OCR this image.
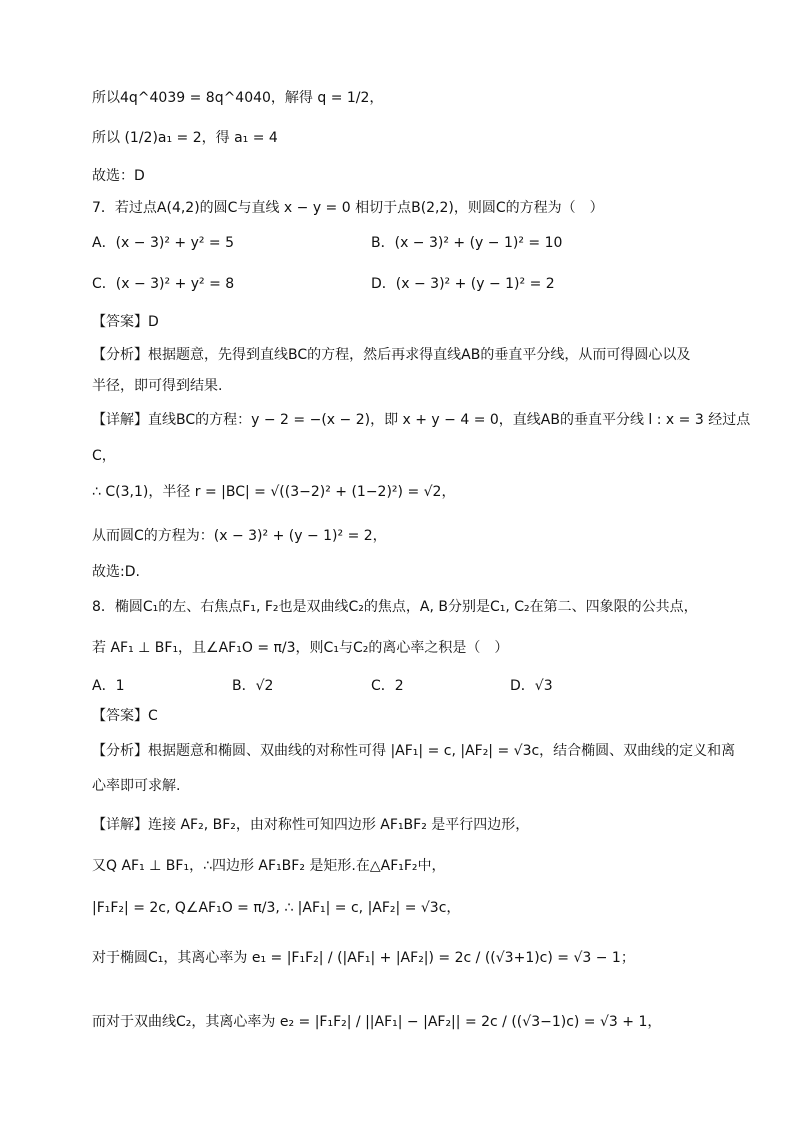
所以4q^4039 = 8q^4040，解得 q = 1/2，
所以 (1/2)a₁ = 2，得 a₁ = 4
故选：D
7．若过点A(4,2)的圆C与直线 x − y = 0 相切于点B(2,2)，则圆C的方程为（　）
A．(x − 3)² + y² = 5	B．(x − 3)² + (y − 1)² = 10
C．(x − 3)² + y² = 8	D．(x − 3)² + (y − 1)² = 2
【答案】D
【分析】根据题意，先得到直线BC的方程，然后再求得直线AB的垂直平分线，从而可得圆心以及
半径，即可得到结果.
【详解】直线BC的方程：y − 2 = −(x − 2)，即 x + y − 4 = 0，直线AB的垂直平分线 l : x = 3 经过点
C，
∴ C(3,1)，半径 r = |BC| = √((3−2)² + (1−2)²) = √2，
从而圆C的方程为：(x − 3)² + (y − 1)² = 2，
故选:D.
8．椭圆C₁的左、右焦点F₁, F₂也是双曲线C₂的焦点，A, B分别是C₁, C₂在第二、四象限的公共点，
若 AF₁ ⊥ BF₁，且∠AF₁O = π/3，则C₁与C₂的离心率之积是（　）
A．1	B．√2	C．2	D．√3
【答案】C
【分析】根据题意和椭圆、双曲线的对称性可得 |AF₁| = c, |AF₂| = √3c，结合椭圆、双曲线的定义和离
心率即可求解.
【详解】连接 AF₂, BF₂，由对称性可知四边形 AF₁BF₂ 是平行四边形，
又Q AF₁ ⊥ BF₁，∴四边形 AF₁BF₂ 是矩形.在△AF₁F₂中，
|F₁F₂| = 2c, Q∠AF₁O = π/3, ∴ |AF₁| = c, |AF₂| = √3c，
对于椭圆C₁，其离心率为 e₁ = |F₁F₂| / (|AF₁| + |AF₂|) = 2c / ((√3+1)c) = √3 − 1；
而对于双曲线C₂，其离心率为 e₂ = |F₁F₂| / ||AF₁| − |AF₂|| = 2c / ((√3−1)c) = √3 + 1，
